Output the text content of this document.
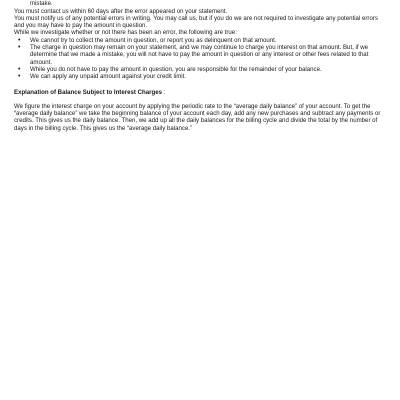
• mistake.

You must contact us within 60 days after the error appeared on your statement.

You must notify us of any potential errors in writing. You may call us, but if you do we are not required to investigate any potential errors and you may have to pay the amount in question.

While we investigate whether or not there has been an error, the following are true:

• We cannot try to collect the amount in question, or report you as delinquent on that amount.
• The charge in question may remain on your statement, and we may continue to charge you interest on that amount. But, if we determine that we made a mistake, you will not have to pay the amount in question or any interest or other fees related to that amount.
• While you do not have to pay the amount in question, you are responsible for the remainder of your balance.
• We can apply any unpaid amount against your credit limit.
Explanation of Balance Subject to Interest Charges :

We figure the interest charge on your account by applying the periodic rate to the “average daily balance” of your account. To get the “average daily balance” we take the beginning balance of your account each day, add any new purchases and subtract any payments or credits. This gives us the daily balance. Then, we add up all the daily balances for the billing cycle and divide the total by the number of days in the billing cycle. This gives us the “average daily balance.”
